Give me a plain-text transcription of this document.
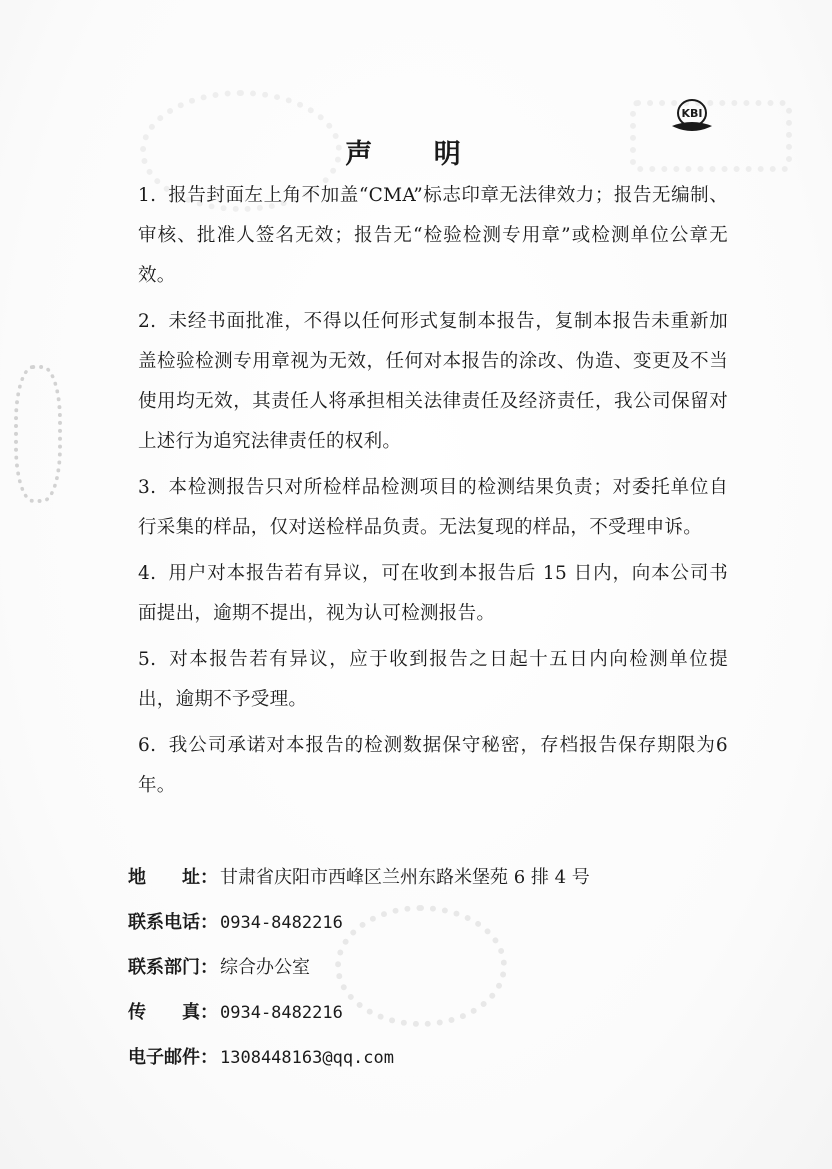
KBI
声 明
1. 报告封面左上角不加盖“CMA”标志印章无法律效力；报告无编制、审核、批准人签名无效；报告无“检验检测专用章”或检测单位公章无效。
2. 未经书面批准，不得以任何形式复制本报告，复制本报告未重新加盖检验检测专用章视为无效，任何对本报告的涂改、伪造、变更及不当使用均无效，其责任人将承担相关法律责任及经济责任，我公司保留对上述行为追究法律责任的权利。
3. 本检测报告只对所检样品检测项目的检测结果负责；对委托单位自行采集的样品，仅对送检样品负责。无法复现的样品，不受理申诉。
4. 用户对本报告若有异议，可在收到本报告后 15 日内，向本公司书面提出，逾期不提出，视为认可检测报告。
5. 对本报告若有异议，应于收到报告之日起十五日内向检测单位提出，逾期不予受理。
6. 我公司承诺对本报告的检测数据保守秘密，存档报告保存期限为6年。
地　　址： 甘肃省庆阳市西峰区兰州东路米堡苑 6 排 4 号
联系电话： 0934-8482216
联系部门： 综合办公室
传　　真： 0934-8482216
电子邮件： 1308448163@qq.com
